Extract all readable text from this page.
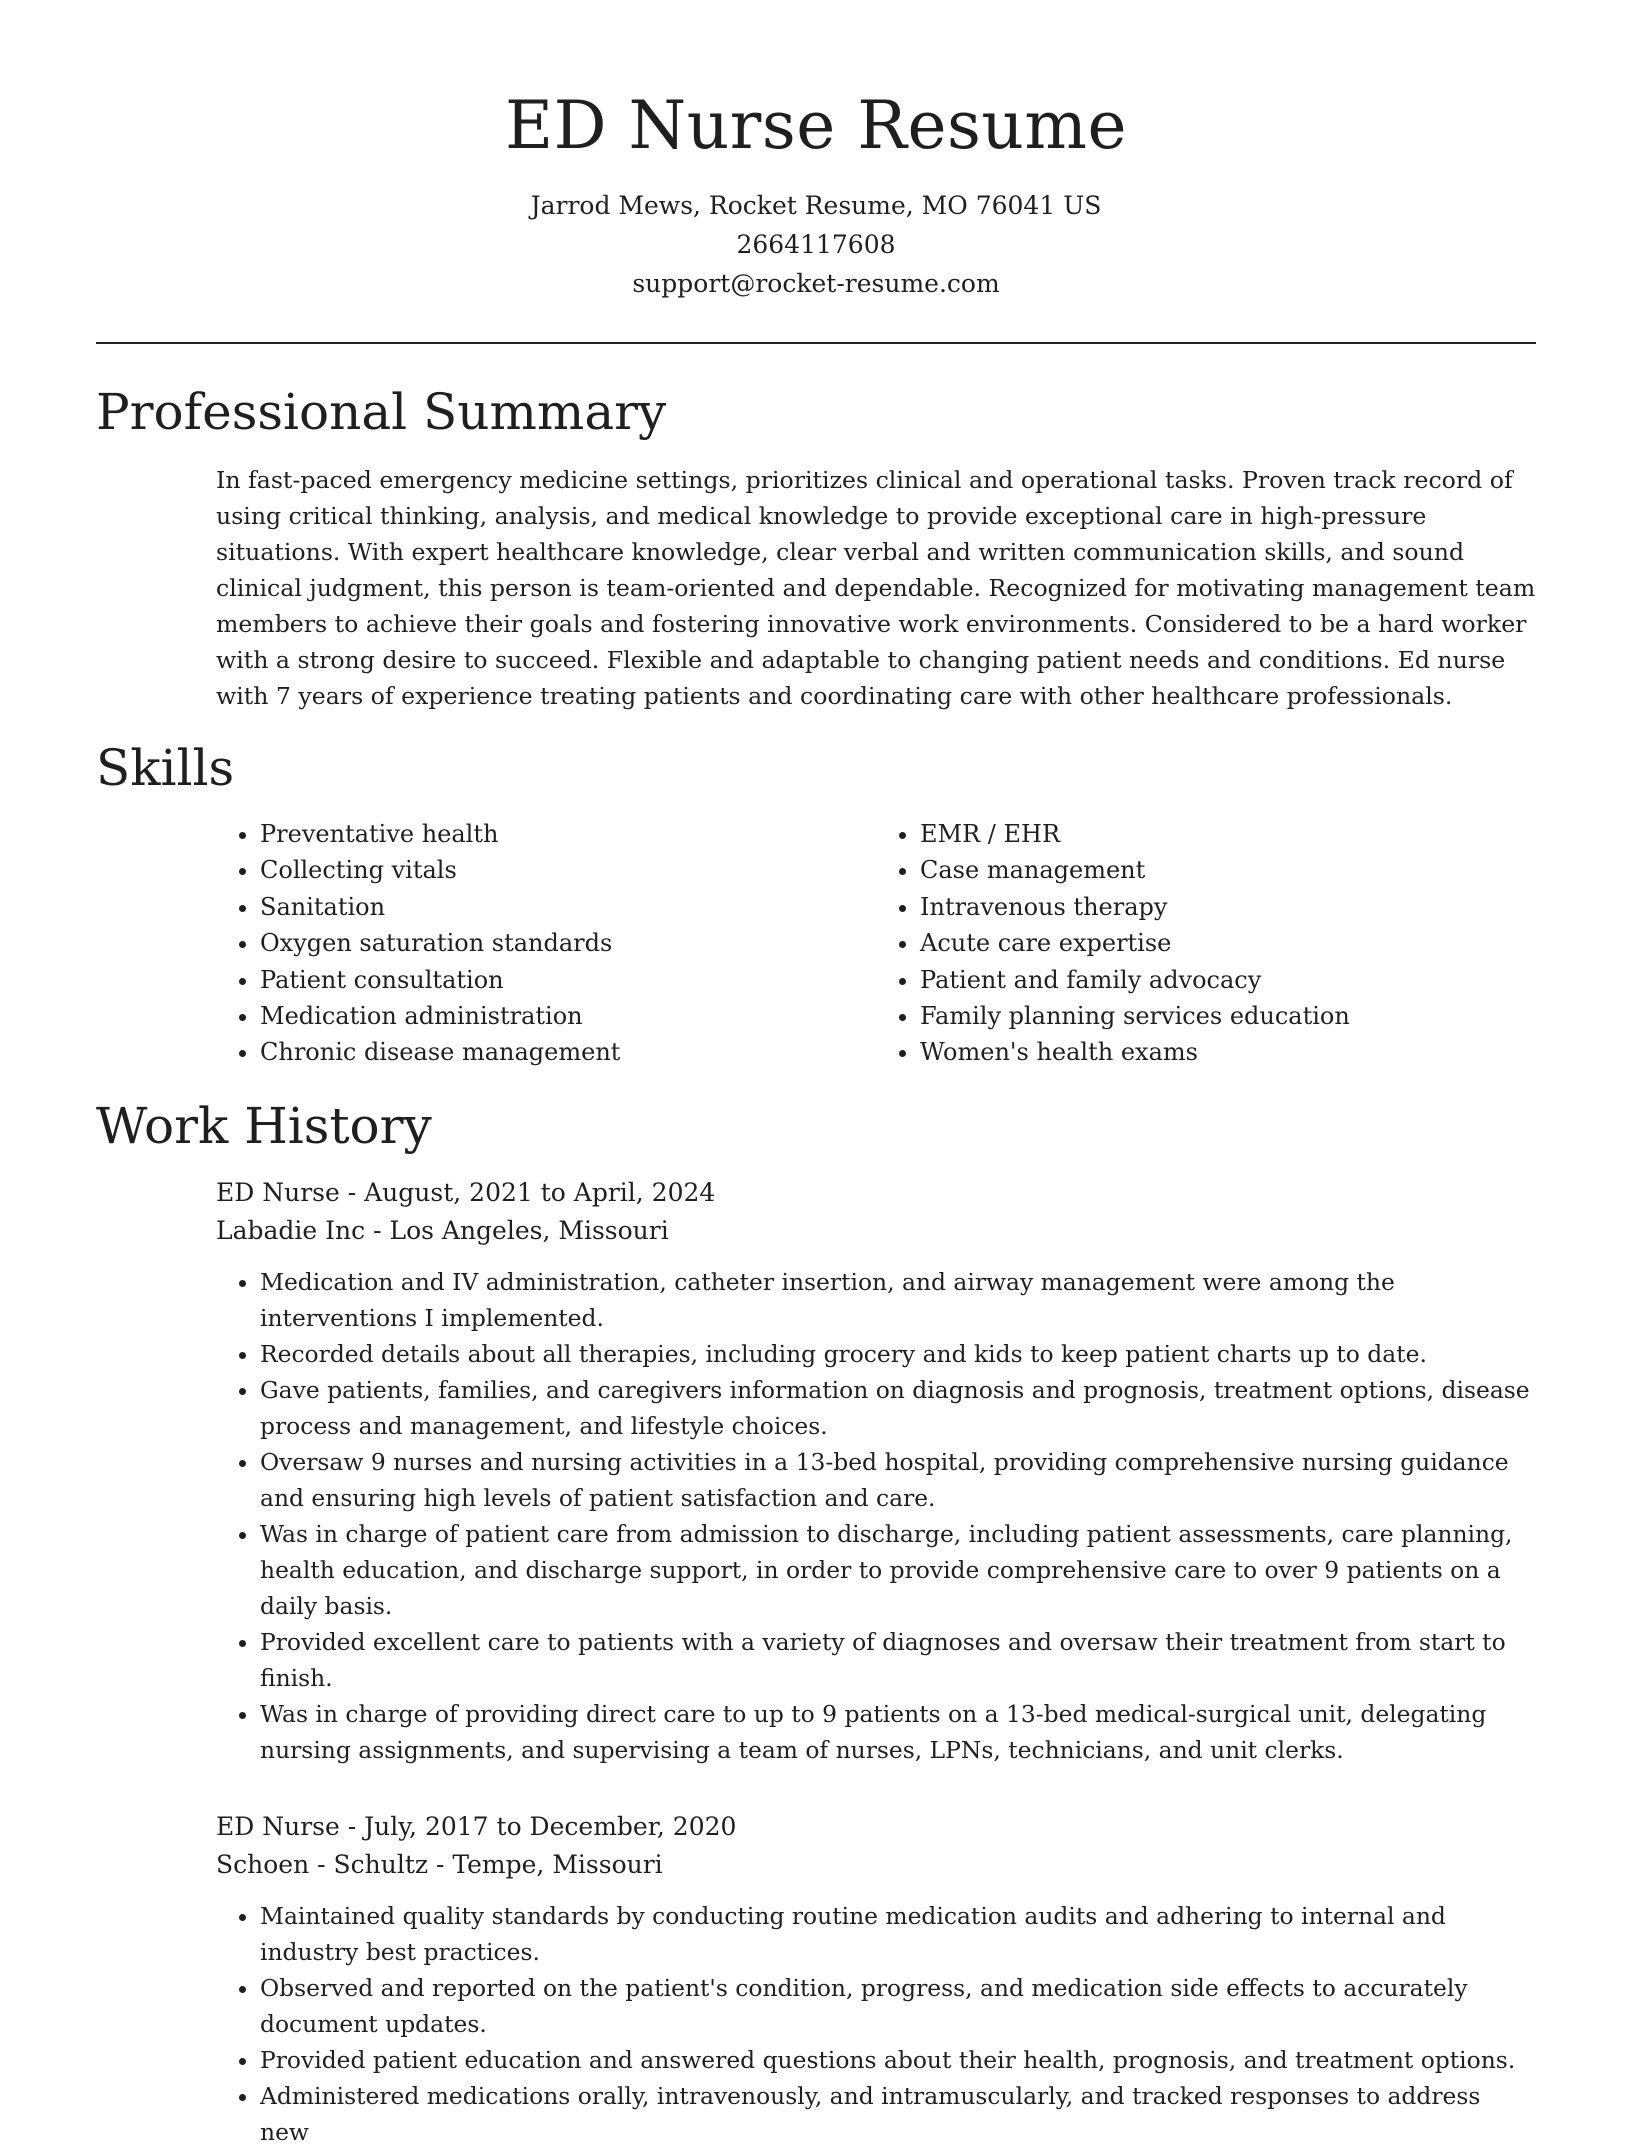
ED Nurse Resume
Jarrod Mews, Rocket Resume, MO 76041 US
2664117608
support@rocket-resume.com
Professional Summary

In fast-paced emergency medicine settings, prioritizes clinical and operational tasks. Proven track record of using critical thinking, analysis, and medical knowledge to provide exceptional care in high-pressure situations. With expert healthcare knowledge, clear verbal and written communication skills, and sound clinical judgment, this person is team-oriented and dependable. Recognized for motivating management team members to achieve their goals and fostering innovative work environments. Considered to be a hard worker with a strong desire to succeed. Flexible and adaptable to changing patient needs and conditions. Ed nurse with 7 years of experience treating patients and coordinating care with other healthcare professionals.

Skills
• Preventative health
• Collecting vitals
• Sanitation
• Oxygen saturation standards
• Patient consultation
• Medication administration
• Chronic disease management
• EMR / EHR
• Case management
• Intravenous therapy
• Acute care expertise
• Patient and family advocacy
• Family planning services education
• Women's health exams
Work History

ED Nurse - August, 2021 to April, 2024

Labadie Inc - Los Angeles, Missouri

• Medication and IV administration, catheter insertion, and airway management were among the interventions I implemented.
• Recorded details about all therapies, including grocery and kids to keep patient charts up to date.
• Gave patients, families, and caregivers information on diagnosis and prognosis, treatment options, disease process and management, and lifestyle choices.
• Oversaw 9 nurses and nursing activities in a 13-bed hospital, providing comprehensive nursing guidance and ensuring high levels of patient satisfaction and care.
• Was in charge of patient care from admission to discharge, including patient assessments, care planning, health education, and discharge support, in order to provide comprehensive care to over 9 patients on a daily basis.
• Provided excellent care to patients with a variety of diagnoses and oversaw their treatment from start to finish.
• Was in charge of providing direct care to up to 9 patients on a 13-bed medical-surgical unit, delegating nursing assignments, and supervising a team of nurses, LPNs, technicians, and unit clerks.

ED Nurse - July, 2017 to December, 2020

Schoen - Schultz - Tempe, Missouri

• Maintained quality standards by conducting routine medication audits and adhering to internal and industry best practices.
• Observed and reported on the patient's condition, progress, and medication side effects to accurately document updates.
• Provided patient education and answered questions about their health, prognosis, and treatment options.
• Administered medications orally, intravenously, and intramuscularly, and tracked responses to address new
